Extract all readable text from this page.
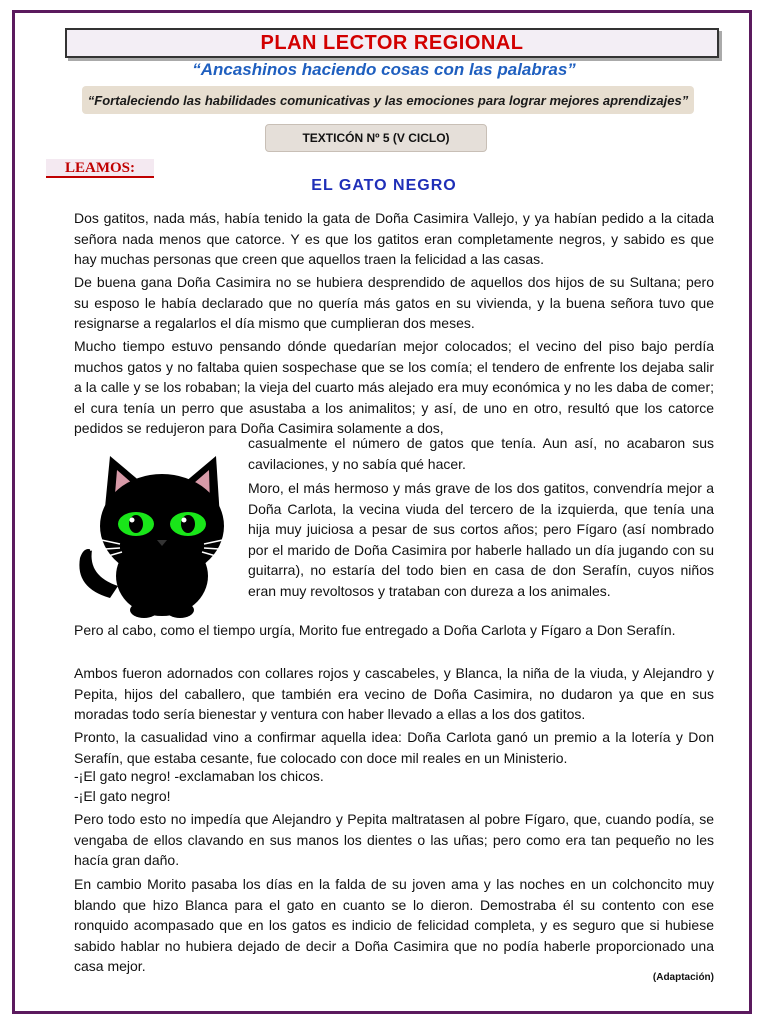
PLAN LECTOR REGIONAL
“Ancashinos haciendo cosas con las palabras”
“Fortaleciendo las habilidades comunicativas y las emociones para lograr mejores aprendizajes”
TEXTICÓN Nº 5 (V CICLO)
LEAMOS:
EL GATO NEGRO

Dos gatitos, nada más, había tenido la gata de Doña Casimira Vallejo, y ya habían pedido a la citada señora nada menos que catorce. Y es que los gatitos eran completamente negros, y sabido es que hay muchas personas que creen que aquellos traen la felicidad a las casas.

De buena gana Doña Casimira no se hubiera desprendido de aquellos dos hijos de su Sultana; pero su esposo le había declarado que no quería más gatos en su vivienda, y la buena señora tuvo que resignarse a regalarlos el día mismo que cumplieran dos meses.

Mucho tiempo estuvo pensando dónde quedarían mejor colocados; el vecino del piso bajo perdía muchos gatos y no faltaba quien sospechase que se los comía; el tendero de enfrente los dejaba salir a la calle y se los robaban; la vieja del cuarto más alejado era muy económica y no les daba de comer; el cura tenía un perro que asustaba a los animalitos; y así, de uno en otro, resultó que los catorce pedidos se redujeron para Doña Casimira solamente a dos,

casualmente el número de gatos que tenía. Aun así, no acabaron sus cavilaciones, y no sabía qué hacer.

Moro, el más hermoso y más grave de los dos gatitos, convendría mejor a Doña Carlota, la vecina viuda del tercero de la izquierda, que tenía una hija muy juiciosa a pesar de sus cortos años; pero Fígaro (así nombrado por el marido de Doña Casimira por haberle hallado un día jugando con su guitarra), no estaría del todo bien en casa de don Serafín, cuyos niños eran muy revoltosos y trataban con dureza a los animales.

Pero al cabo, como el tiempo urgía, Morito fue entregado a Doña Carlota y Fígaro a Don Serafín.

Ambos fueron adornados con collares rojos y cascabeles, y Blanca, la niña de la viuda, y Alejandro y Pepita, hijos del caballero, que también era vecino de Doña Casimira, no dudaron ya que en sus moradas todo sería bienestar y ventura con haber llevado a ellas a los dos gatitos.

Pronto, la casualidad vino a confirmar aquella idea: Doña Carlota ganó un premio a la lotería y Don Serafín, que estaba cesante, fue colocado con doce mil reales en un Ministerio.

-¡El gato negro! -exclamaban los chicos.

-¡El gato negro!

Pero todo esto no impedía que Alejandro y Pepita maltratasen al pobre Fígaro, que, cuando podía, se vengaba de ellos clavando en sus manos los dientes o las uñas; pero como era tan pequeño no les hacía gran daño.

En cambio Morito pasaba los días en la falda de su joven ama y las noches en un colchoncito muy blando que hizo Blanca para el gato en cuanto se lo dieron. Demostraba él su contento con ese ronquido acompasado que en los gatos es indicio de felicidad completa, y es seguro que si hubiese sabido hablar no hubiera dejado de decir a Doña Casimira que no podía haberle proporcionado una casa mejor.

(Adaptación)
